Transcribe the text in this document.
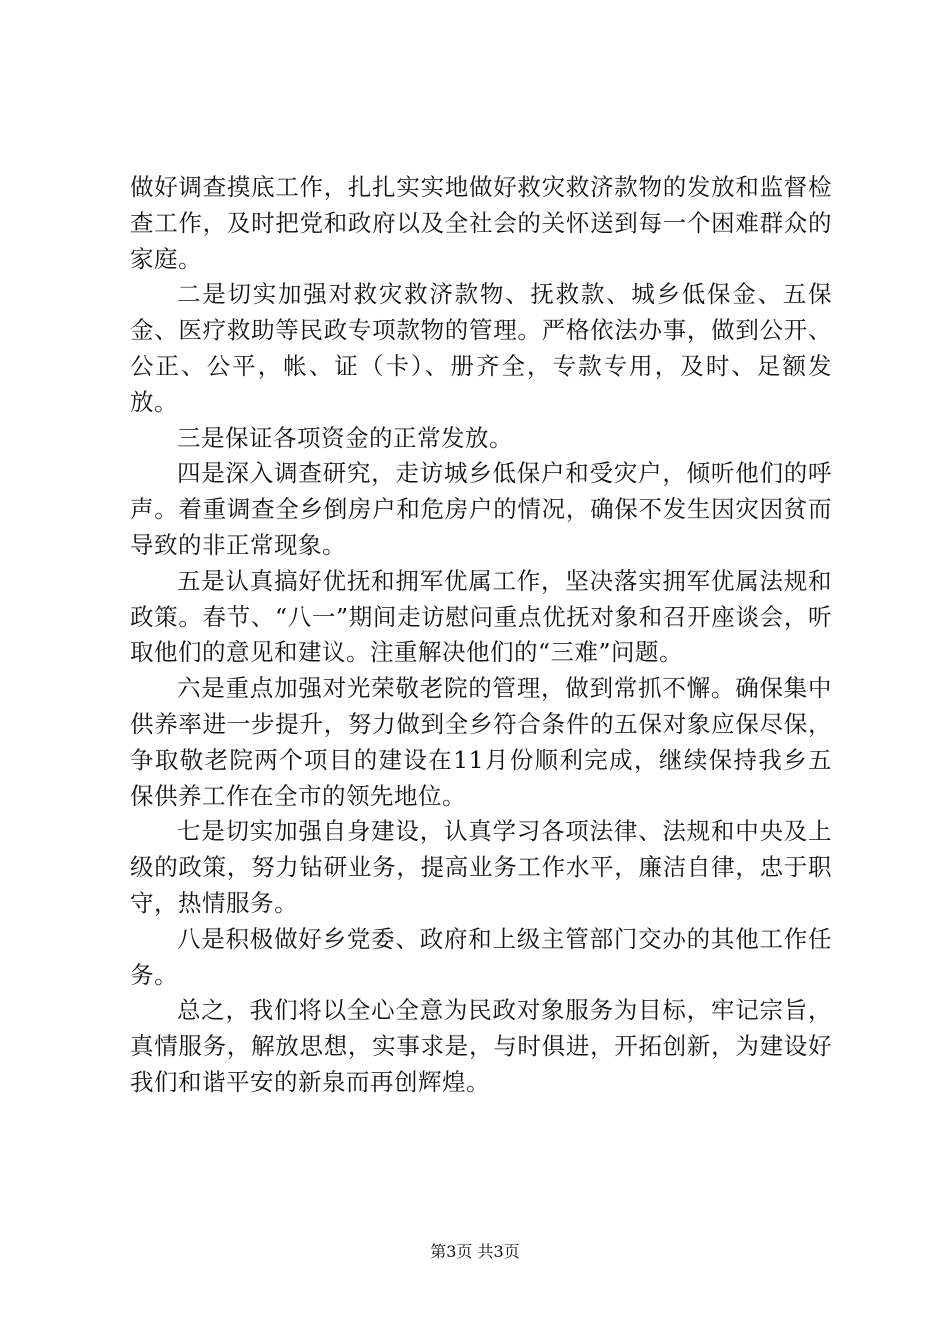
做好调查摸底工作，扎扎实实地做好救灾救济款物的发放和监督检查工作，及时把党和政府以及全社会的关怀送到每一个困难群众的家庭。

二是切实加强对救灾救济款物、抚救款、城乡低保金、五保金、医疗救助等民政专项款物的管理。严格依法办事，做到公开、公正、公平，帐、证（卡）、册齐全，专款专用，及时、足额发放。

三是保证各项资金的正常发放。

四是深入调查研究，走访城乡低保户和受灾户，倾听他们的呼声。着重调查全乡倒房户和危房户的情况，确保不发生因灾因贫而导致的非正常现象。

五是认真搞好优抚和拥军优属工作，坚决落实拥军优属法规和政策。春节、“八一”期间走访慰问重点优抚对象和召开座谈会，听取他们的意见和建议。注重解决他们的“三难”问题。

六是重点加强对光荣敬老院的管理，做到常抓不懈。确保集中供养率进一步提升，努力做到全乡符合条件的五保对象应保尽保，争取敬老院两个项目的建设在11月份顺利完成，继续保持我乡五保供养工作在全市的领先地位。

七是切实加强自身建设，认真学习各项法律、法规和中央及上级的政策，努力钻研业务，提高业务工作水平，廉洁自律，忠于职守，热情服务。

八是积极做好乡党委、政府和上级主管部门交办的其他工作任务。

总之，我们将以全心全意为民政对象服务为目标，牢记宗旨，真情服务，解放思想，实事求是，与时俱进，开拓创新，为建设好我们和谐平安的新泉而再创辉煌。

第3页 共3页
